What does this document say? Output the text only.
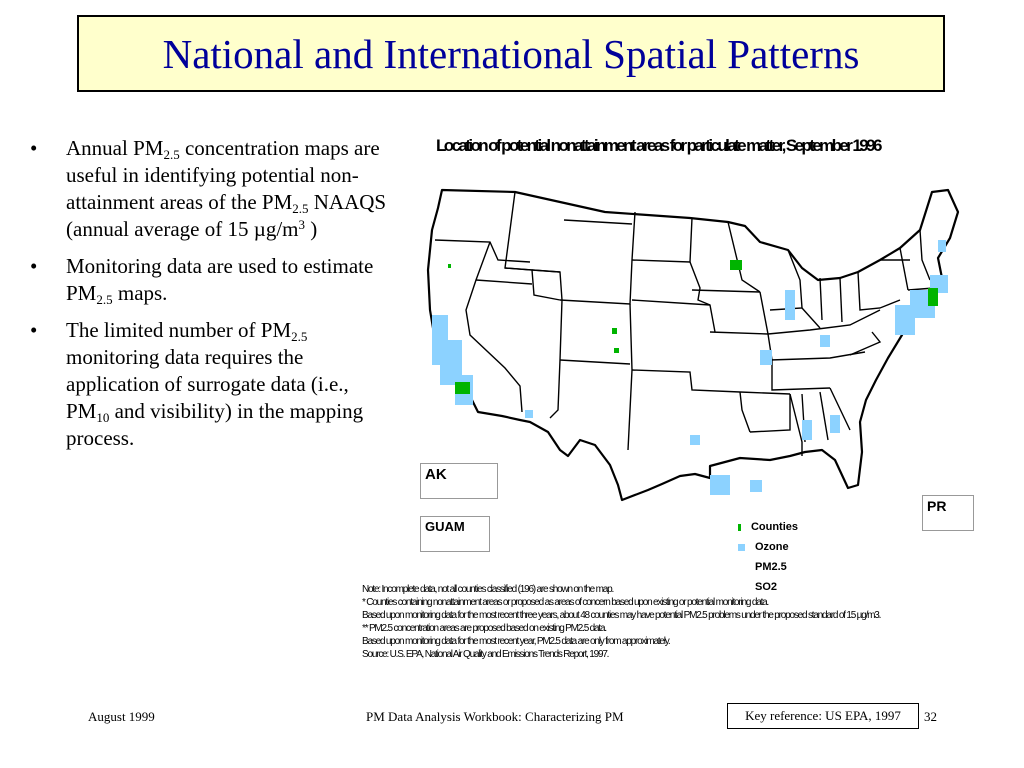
National and International Spatial Patterns
• Annual $PM_{2.5}$ concentration maps are useful in identifying potential non-attainment areas of the $PM_{2.5}$ NAAQS (annual average of 15 $\mu g/m^3$ )
• Monitoring data are used to estimate $PM_{2.5}$ maps.
• The limited number of $PM_{2.5}$ monitoring data requires the application of surrogate data (i.e., $PM_{10}$ and visibility) in the mapping process.
Location of potential nonattainment areas for particulate matter, September 1996
AK
GUAM
PR
Counties
Ozone
PM2.5
SO2
Note: Incomplete data, not all counties classified (196) are shown on the map.
* Counties containing nonattainment areas or proposed as areas of concern based upon existing or potential monitoring data.
Based upon monitoring data for the most recent three years, about 48 counties may have potential PM2.5 problems under the proposed standard of 15 µg/m3.
** PM2.5 concentration areas are proposed based on existing PM2.5 data.
Based upon monitoring data for the most recent year, PM2.5 data are only from approximately.
Source: U.S. EPA, National Air Quality and Emissions Trends Report, 1997.
August 1999	PM Data Analysis Workbook: Characterizing PM	Key reference: US EPA, 1997 32
